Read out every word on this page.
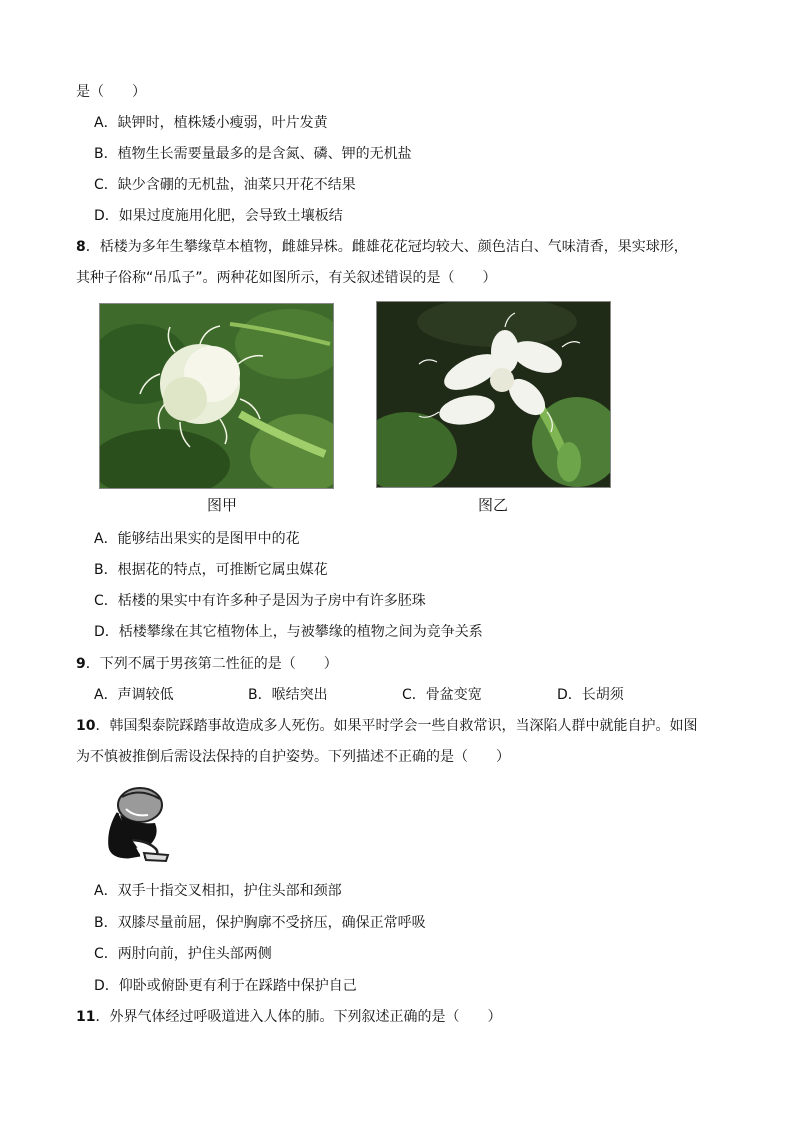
是（　　）
A．缺钾时，植株矮小瘦弱，叶片发黄
B．植物生长需要量最多的是含氮、磷、钾的无机盐
C．缺少含硼的无机盐，油菜只开花不结果
D．如果过度施用化肥，会导致土壤板结
8．栝楼为多年生攀缘草本植物，雌雄异株。雌雄花花冠均较大、颜色洁白、气味清香，果实球形，
其种子俗称“吊瓜子”。两种花如图所示，有关叙述错误的是（　　）
图甲	图乙
A．能够结出果实的是图甲中的花
B．根据花的特点，可推断它属虫媒花
C．栝楼的果实中有许多种子是因为子房中有许多胚珠
D．栝楼攀缘在其它植物体上，与被攀缘的植物之间为竞争关系
9．下列不属于男孩第二性征的是（　　）
A．声调较低	B．喉结突出	C．骨盆变宽	D．长胡须
10．韩国梨泰院踩踏事故造成多人死伤。如果平时学会一些自救常识，当深陷人群中就能自护。如图
为不慎被推倒后需设法保持的自护姿势。下列描述不正确的是（　　）
A．双手十指交叉相扣，护住头部和颈部
B．双膝尽量前屈，保护胸廓不受挤压，确保正常呼吸
C．两肘向前，护住头部两侧
D．仰卧或俯卧更有利于在踩踏中保护自己
11．外界气体经过呼吸道进入人体的肺。下列叙述正确的是（　　）
